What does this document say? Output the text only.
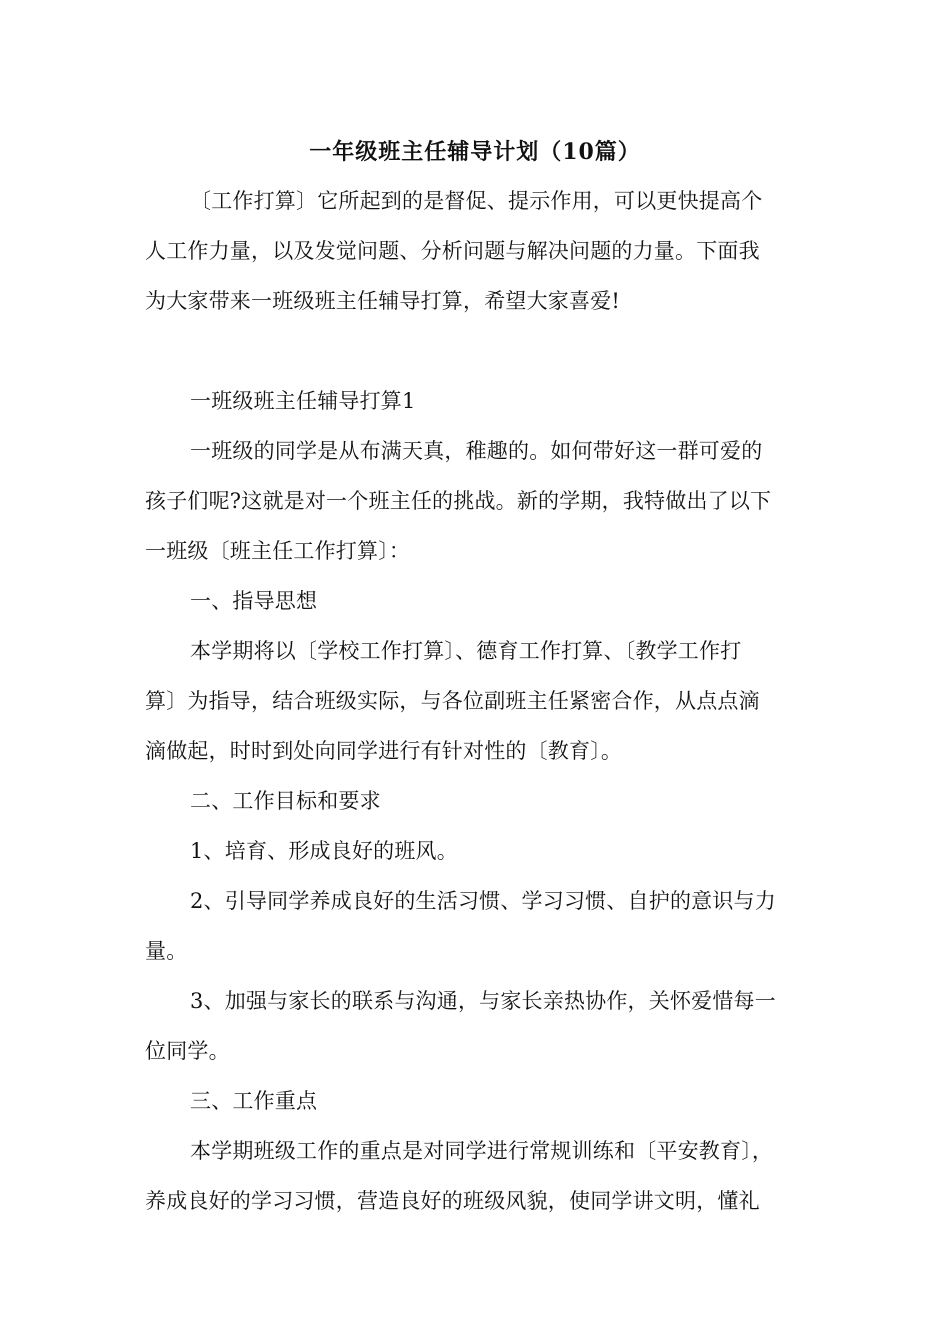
一年级班主任辅导计划（10篇）
〔工作打算〕它所起到的是督促、提示作用，可以更快提高个
人工作力量，以及发觉问题、分析问题与解决问题的力量。下面我
为大家带来一班级班主任辅导打算，希望大家喜爱!
一班级班主任辅导打算1
一班级的同学是从布满天真，稚趣的。如何带好这一群可爱的
孩子们呢?这就是对一个班主任的挑战。新的学期，我特做出了以下
一班级〔班主任工作打算〕：
一、指导思想
本学期将以〔学校工作打算〕、德育工作打算、〔教学工作打
算〕为指导，结合班级实际，与各位副班主任紧密合作，从点点滴
滴做起，时时到处向同学进行有针对性的〔教育〕。
二、工作目标和要求
1、培育、形成良好的班风。
2、引导同学养成良好的生活习惯、学习习惯、自护的意识与力
量。
3、加强与家长的联系与沟通，与家长亲热协作，关怀爱惜每一
位同学。
三、工作重点
本学期班级工作的重点是对同学进行常规训练和〔平安教育〕，
养成良好的学习习惯，营造良好的班级风貌，使同学讲文明，懂礼
